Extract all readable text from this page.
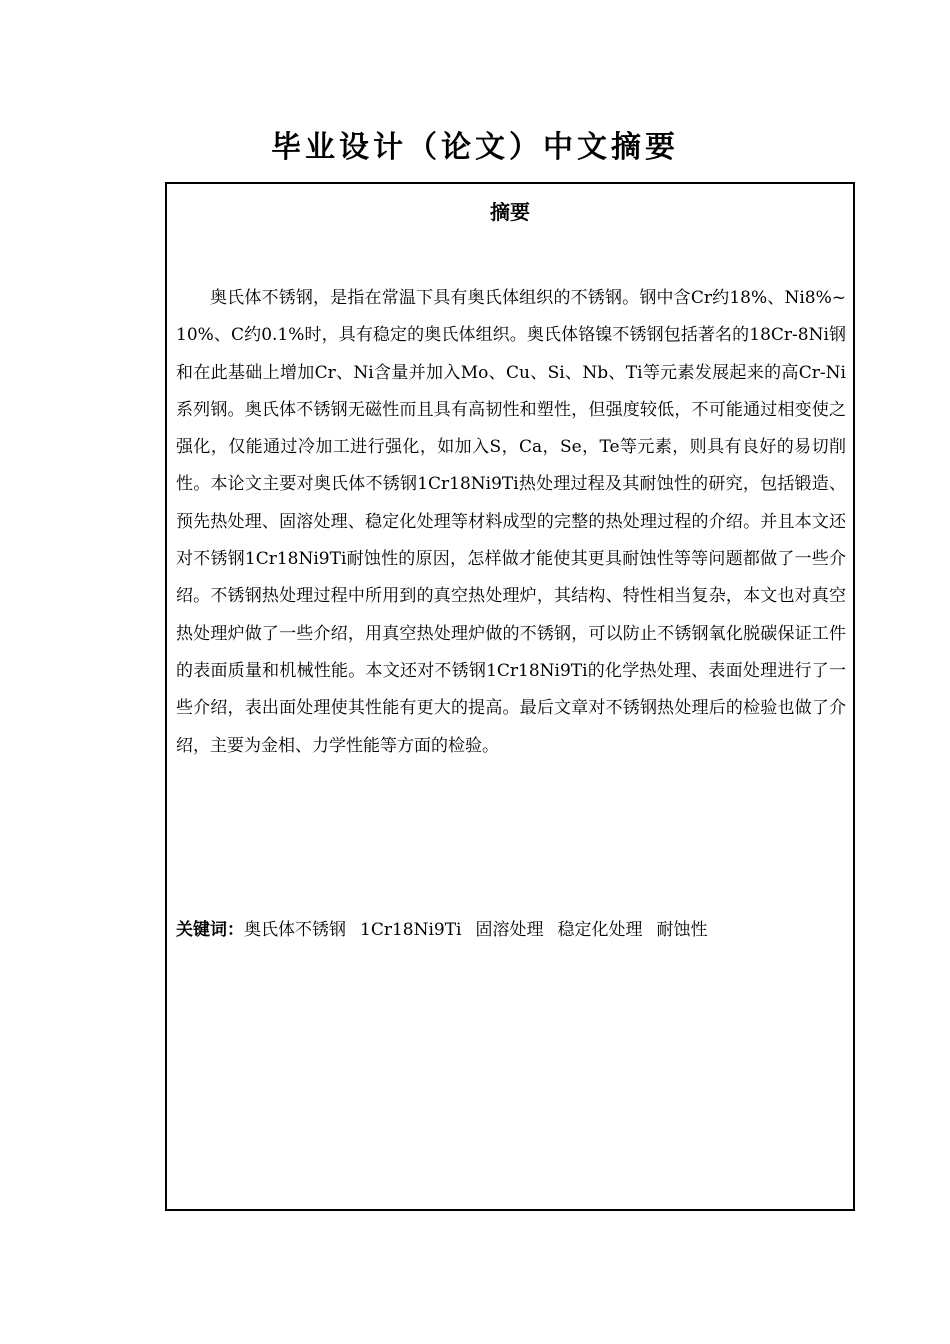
毕业设计（论文）中文摘要
摘要

奥氏体不锈钢，是指在常温下具有奥氏体组织的不锈钢。钢中含Cr约18%、Ni8%~10%、C约0.1%时，具有稳定的奥氏体组织。奥氏体铬镍不锈钢包括著名的18Cr-8Ni钢和在此基础上增加Cr、Ni含量并加入Mo、Cu、Si、Nb、Ti等元素发展起来的高Cr-Ni系列钢。奥氏体不锈钢无磁性而且具有高韧性和塑性，但强度较低，不可能通过相变使之强化，仅能通过冷加工进行强化，如加入S，Ca，Se，Te等元素，则具有良好的易切削性。本论文主要对奥氏体不锈钢1Cr18Ni9Ti热处理过程及其耐蚀性的研究，包括锻造、预先热处理、固溶处理、稳定化处理等材料成型的完整的热处理过程的介绍。并且本文还对不锈钢1Cr18Ni9Ti耐蚀性的原因，怎样做才能使其更具耐蚀性等等问题都做了一些介绍。不锈钢热处理过程中所用到的真空热处理炉，其结构、特性相当复杂，本文也对真空热处理炉做了一些介绍，用真空热处理炉做的不锈钢，可以防止不锈钢氧化脱碳保证工件的表面质量和机械性能。本文还对不锈钢1Cr18Ni9Ti的化学热处理、表面处理进行了一些介绍，表出面处理使其性能有更大的提高。最后文章对不锈钢热处理后的检验也做了介绍，主要为金相、力学性能等方面的检验。

关键词：奥氏体不锈钢 1Cr18Ni9Ti 固溶处理 稳定化处理 耐蚀性
